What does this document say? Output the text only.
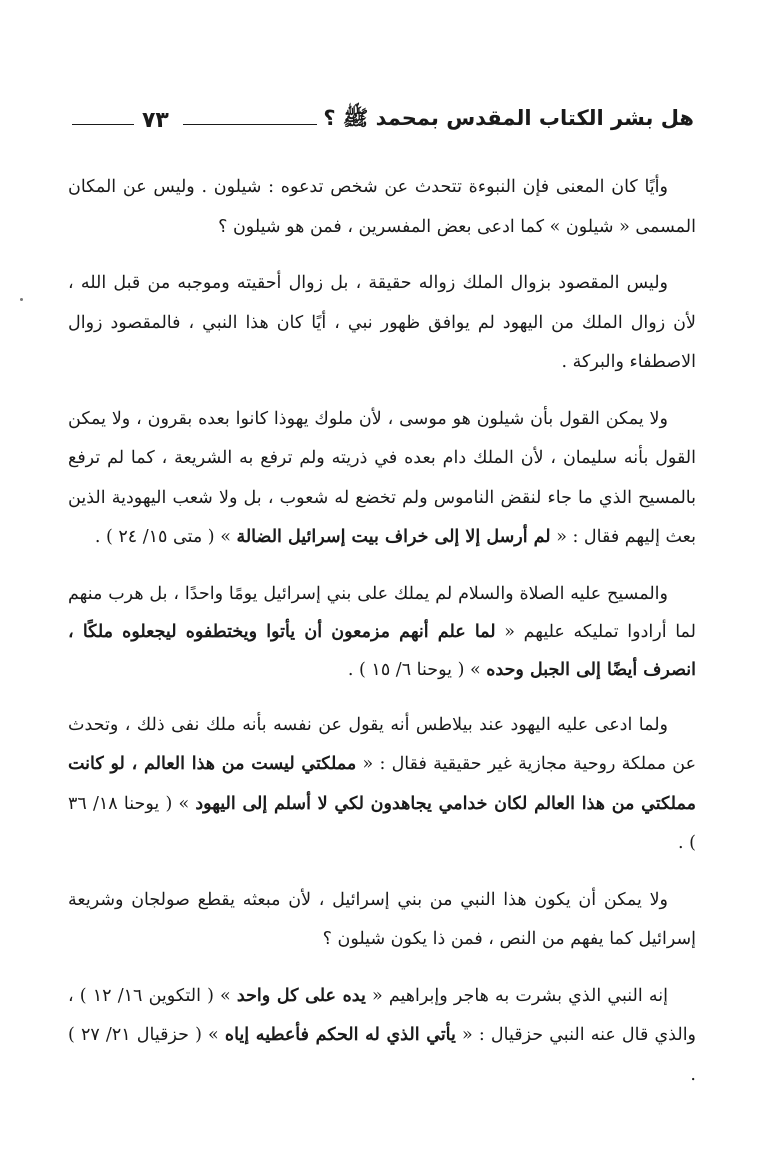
هل بشر الكتاب المقدس بمحمد ﷺ ؟
٧٣

وأيًا كان المعنى فإن النبوءة تتحدث عن شخص تدعوه : شيلون . وليس عن المكان المسمى « شيلون » كما ادعى بعض المفسرين ، فمن هو شيلون ؟

وليس المقصود بزوال الملك زواله حقيقة ، بل زوال أحقيته وموجبه من قبل الله ، لأن زوال الملك من اليهود لم يوافق ظهور نبي ، أيًا كان هذا النبي ، فالمقصود زوال الاصطفاء والبركة .

ولا يمكن القول بأن شيلون هو موسى ، لأن ملوك يهوذا كانوا بعده بقرون ، ولا يمكن القول بأنه سليمان ، لأن الملك دام بعده في ذريته ولم ترفع به الشريعة ، كما لم ترفع بالمسيح الذي ما جاء لنقض الناموس ولم تخضع له شعوب ، بل ولا شعب اليهودية الذين بعث إليهم فقال : « لم أرسل إلا إلى خراف بيت إسرائيل الضالة » ( متى ١٥/ ٢٤ ) .

والمسيح عليه الصلاة والسلام لم يملك على بني إسرائيل يومًا واحدًا ، بل هرب منهم لما أرادوا تمليكه عليهم « لما علم أنهم مزمعون أن يأتوا ويختطفوه ليجعلوه ملكًا ، انصرف أيضًا إلى الجبل وحده » ( يوحنا ٦/ ١٥ ) .

ولما ادعى عليه اليهود عند بيلاطس أنه يقول عن نفسه بأنه ملك نفى ذلك ، وتحدث عن مملكة روحية مجازية غير حقيقية فقال : « مملكتي ليست من هذا العالم ، لو كانت مملكتي من هذا العالم لكان خدامي يجاهدون لكي لا أسلم إلى اليهود » ( يوحنا ١٨/ ٣٦ ) .

ولا يمكن أن يكون هذا النبي من بني إسرائيل ، لأن مبعثه يقطع صولجان وشريعة إسرائيل كما يفهم من النص ، فمن ذا يكون شيلون ؟

إنه النبي الذي بشرت به هاجر وإبراهيم « يده على كل واحد » ( التكوين ١٦/ ١٢ ) ، والذي قال عنه النبي حزقيال : « يأتي الذي له الحكم فأعطيه إياه » ( حزقيال ٢١/ ٢٧ ) .
